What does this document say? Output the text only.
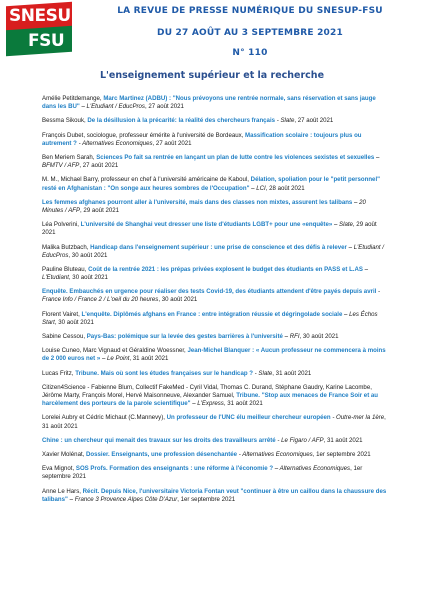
SNESUP
FSU
LA REVUE DE PRESSE NUMÉRIQUE DU SNESUP-FSU
DU 27 AOÛT AU 3 SEPTEMBRE 2021
N° 110
L'enseignement supérieur et la recherche

Amélie Petitdemange, Marc Martinez (ADBU) : "Nous prévoyons une rentrée normale, sans réservation et sans jauge dans les BU" – L'Etudiant / EducPros, 27 août 2021

Bessma Sikouk, De la désillusion à la précarité: la réalité des chercheurs français - Slate, 27 août 2021

François Dubet, sociologue, professeur émérite à l'université de Bordeaux, Massification scolaire : toujours plus ou autrement ? - Alternatives Economiques, 27 août 2021

Ben Meriem Sarah, Sciences Po fait sa rentrée en lançant un plan de lutte contre les violences sexistes et sexuelles – BFMTV / AFP, 27 août 2021

M. M., Michael Barry, professeur en chef à l'université américaine de Kaboul, Délation, spoliation pour le "petit personnel" resté en Afghanistan : "On songe aux heures sombres de l'Occupation" – LCI, 28 août 2021

Les femmes afghanes pourront aller à l'université, mais dans des classes non mixtes, assurent les talibans – 20 Minutes / AFP, 29 août 2021

Léa Polverini, L'université de Shanghai veut dresser une liste d'étudiants LGBT+ pour une «enquête» – Slate, 29 août 2021

Malika Butzbach, Handicap dans l'enseignement supérieur : une prise de conscience et des défis à relever – L'Etudiant / EducPros, 30 août 2021

Pauline Bluteau, Coût de la rentrée 2021 : les prépas privées explosent le budget des étudiants en PASS et L.AS – L'Etudiant, 30 août 2021

Enquête. Embauchés en urgence pour réaliser des tests Covid-19, des étudiants attendent d'être payés depuis avril - France Info / France 2 / L'oeil du 20 heures, 30 août 2021

Florent Vairet, L'enquête. Diplômés afghans en France : entre intégration réussie et dégringolade sociale – Les Échos Start, 30 août 2021

Sabine Cessou, Pays-Bas: polémique sur la levée des gestes barrières à l'université – RFI, 30 août 2021

Louise Cuneo, Marc Vignaud et Géraldine Woessner, Jean-Michel Blanquer : « Aucun professeur ne commencera à moins de 2 000 euros net » – Le Point, 31 août 2021

Lucas Fritz, Tribune. Mais où sont les études françaises sur le handicap ? - Slate, 31 août 2021

Citizen4Science - Fabienne Blum, Collectif FakeMed - Cyril Vidal, Thomas C. Durand, Stéphane Gaudry, Karine Lacombe, Jérôme Marty, François Morel, Hervé Maisonneuve, Alexander Samuel, Tribune. "Stop aux menaces de France Soir et au harcèlement des porteurs de la parole scientifique" – L'Express, 31 août 2021

Lorelei Aubry et Cédric Michaut (C.Mannevy), Un professeur de l'UNC élu meilleur chercheur européen - Outre-mer la 1ère, 31 août 2021

Chine : un chercheur qui menait des travaux sur les droits des travailleurs arrêté - Le Figaro / AFP, 31 août 2021

Xavier Molénat, Dossier. Enseignants, une profession désenchantée - Alternatives Economiques, 1er septembre 2021

Eva Mignot, SOS Profs. Formation des enseignants : une réforme à l'économie ? – Alternatives Economiques, 1er septembre 2021

Anne Le Hars, Récit. Depuis Nice, l'universitaire Victoria Fontan veut "continuer à être un caillou dans la chaussure des talibans" – France 3 Provence Alpes Côte D'Azur, 1er septembre 2021
